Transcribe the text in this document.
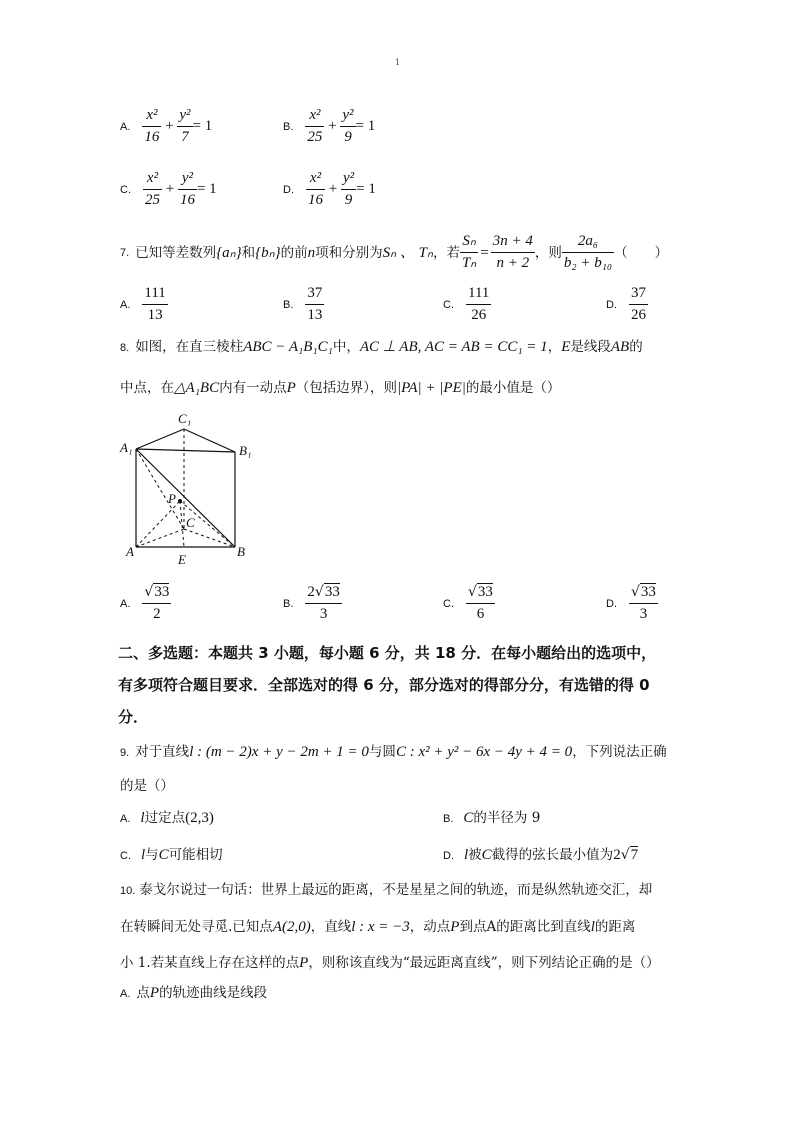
1
A. $\frac{\text{x²}}{16} + \frac{\text{y²}}{7} = 1$	B. $\frac{\text{x²}}{25} + \frac{\text{y²}}{9} = 1$
C. $\frac{\text{x²}}{25} + \frac{\text{y²}}{16} = 1$	D. $\frac{\text{x²}}{16} + \frac{\text{y²}}{9} = 1$
7. 已知等差数列 {aₙ} 和 {bₙ} 的前 n 项和分别为 Sₙ 、 Tₙ ，若 $\frac{\text{Sₙ}}{\text{Tₙ}} = \frac{3n + 4}{n + 2}$ ，则 $\frac{\text{2a₆}}{\text{b₂ + b₁₀}}$ （　　）
A. $\frac{111}{13}$	B. $\frac{37}{13}$	C. $\frac{111}{26}$	D. $\frac{37}{26}$
8. 如图，在直三棱柱ABC − A₁B₁C₁中，AC ⊥ AB, AC = AB = CC₁ = 1，E是线段AB的
中点，在△A₁BC内有一动点P（包括边界），则|PA| + |PE|的最小值是（）
C₁
A₁	B₁
P
C
A
E
B
A. $\frac{√33}{2}$	B. $\frac{2√33}{3}$	C. $\frac{√33}{6}$	D. $\frac{√33}{3}$
二、多选题：本题共 3 小题，每小题 6 分，共 18 分．在每小题给出的选项中，
有多项符合题目要求．全部选对的得 6 分，部分选对的得部分分，有选错的得 0
分．
9. 对于直线l : (m − 2)x + y − 2m + 1 = 0与圆C : x² + y² − 6x − 4y + 4 = 0，下列说法正确
的是（）
A. l过定点(2,3)	B. C的半径为 9
C. l与C可能相切	D. l被C截得的弦长最小值为2√7
10. 泰戈尔说过一句话：世界上最远的距离，不是星星之间的轨迹，而是纵然轨迹交汇，却
在转瞬间无处寻觅.已知点A(2,0)，直线l : x = −3，动点P到点A的距离比到直线l的距离
小 1.若某直线上存在这样的点P，则称该直线为“最远距离直线”，则下列结论正确的是（）
A. 点P的轨迹曲线是线段
